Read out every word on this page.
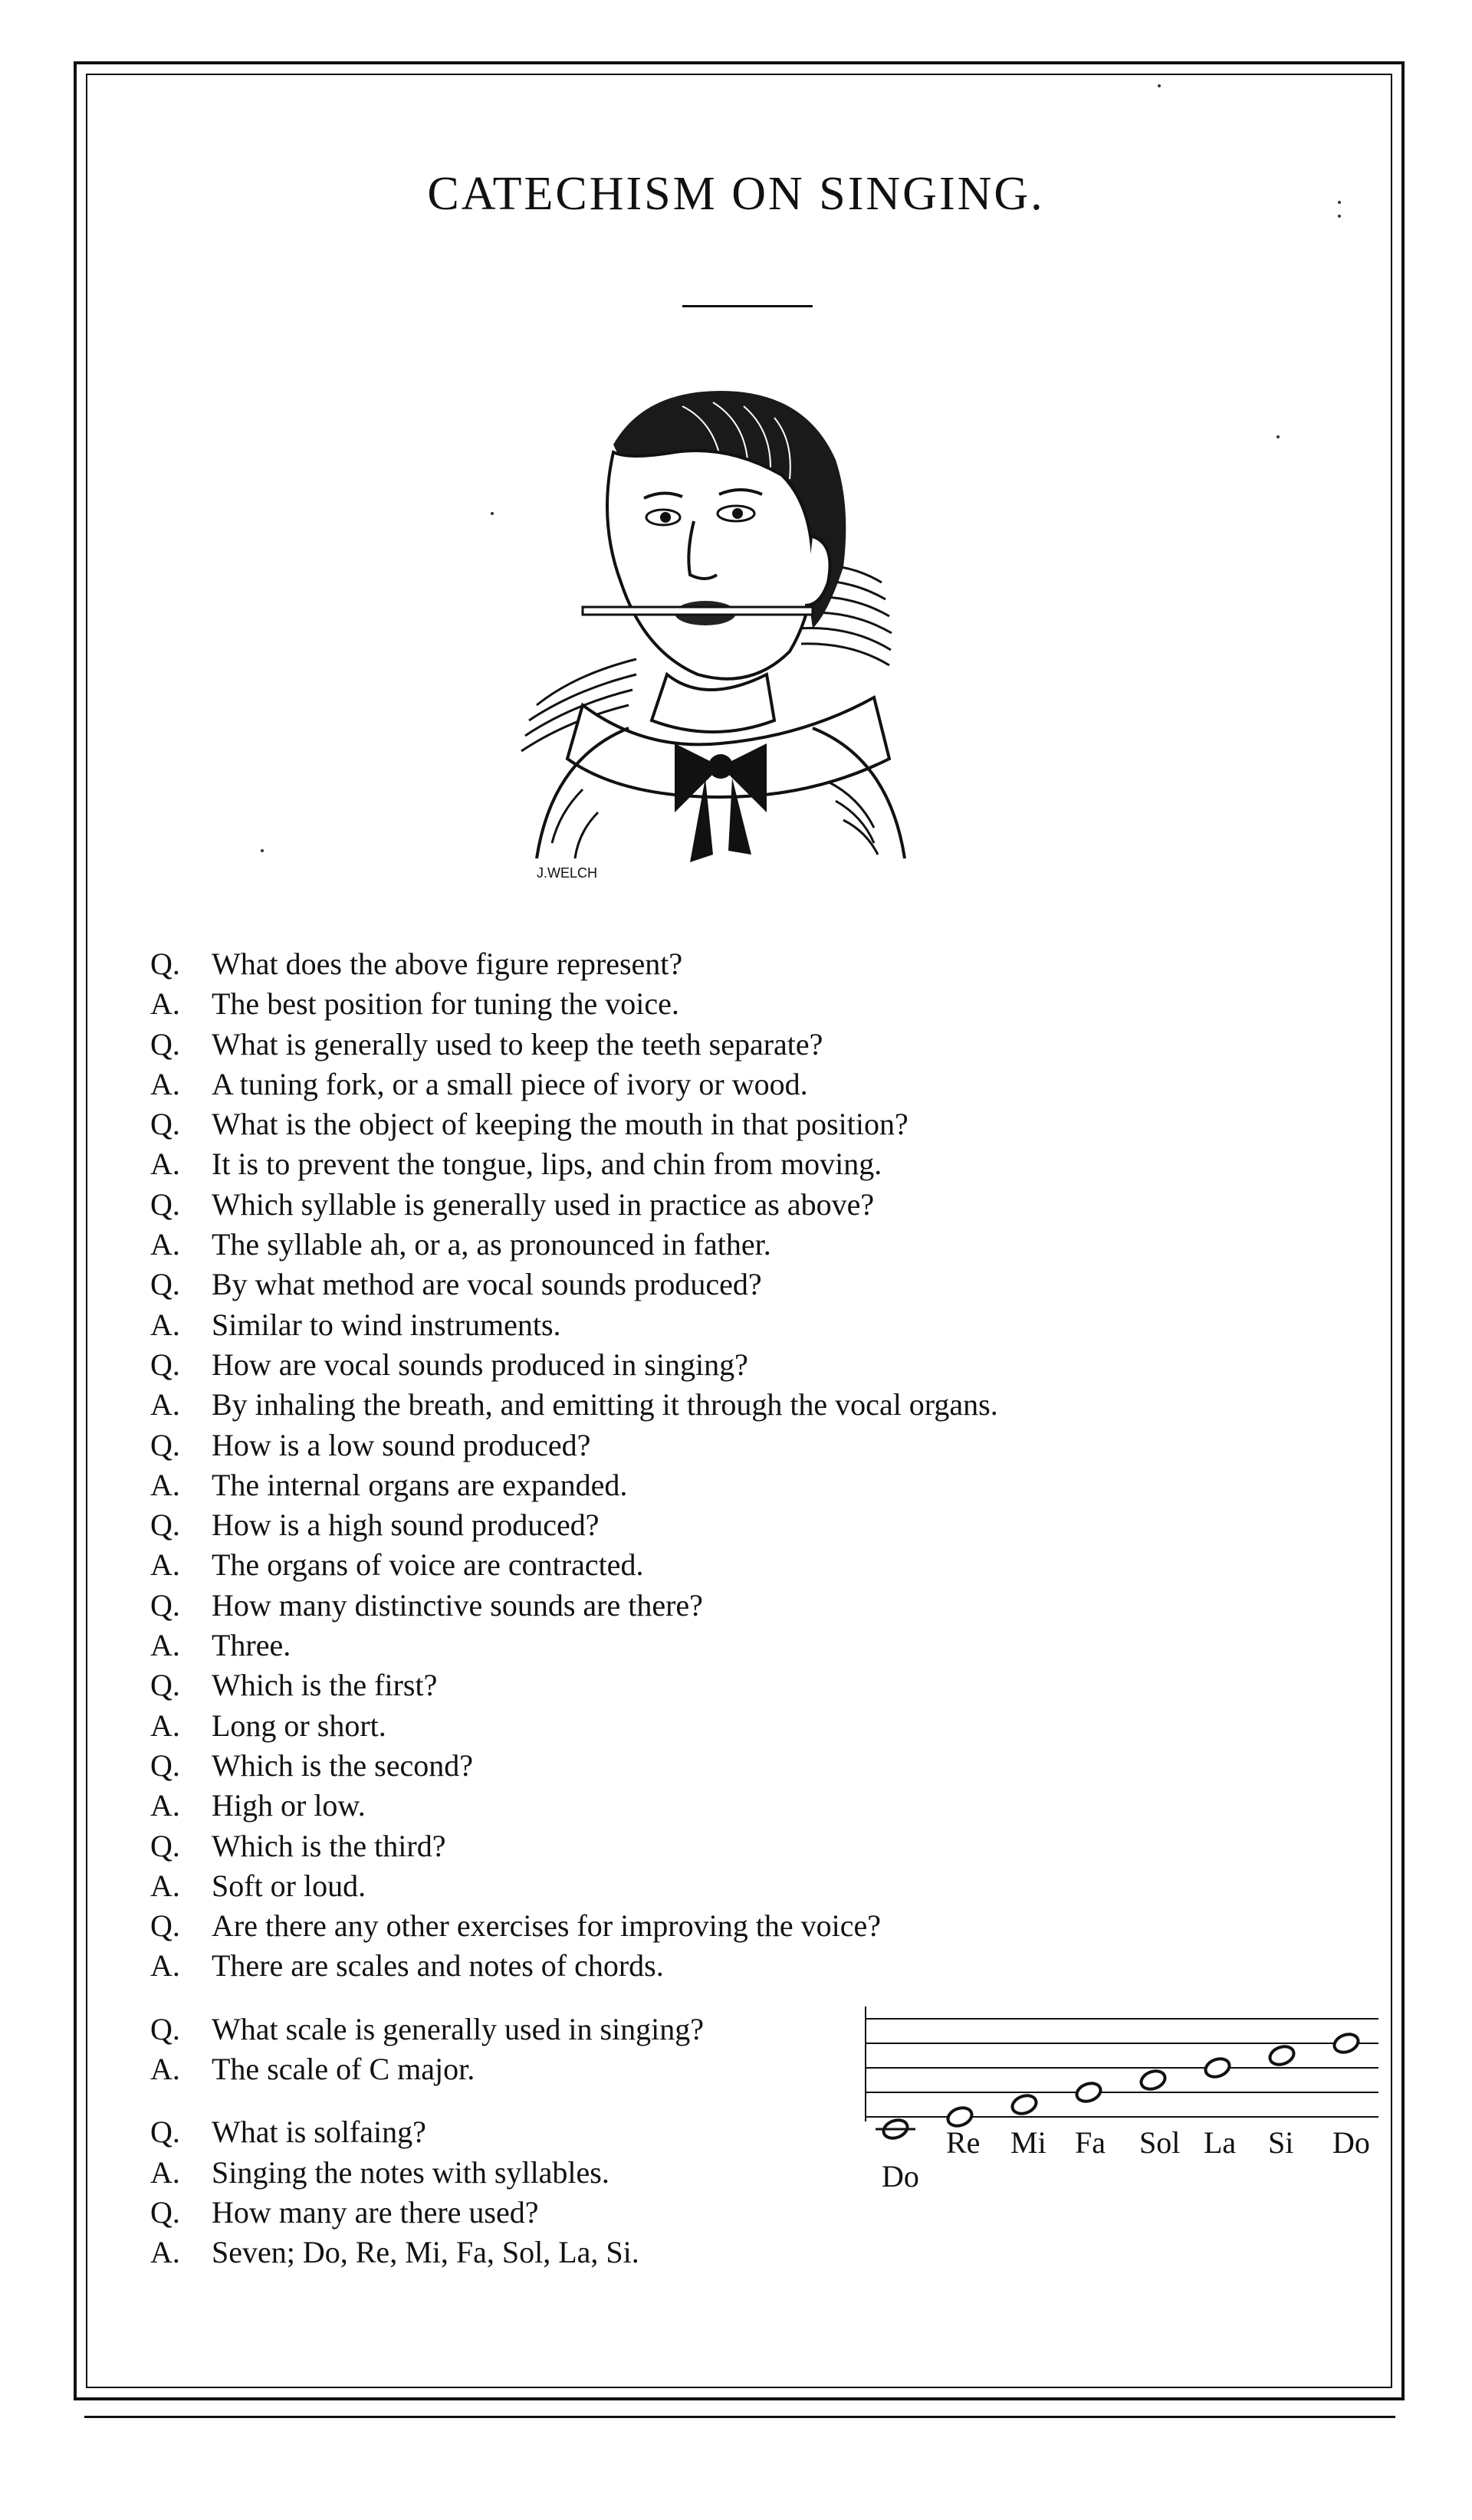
CATECHISM ON SINGING.
J.WELCH
Q. What does the above figure represent?
A. The best position for tuning the voice.
Q. What is generally used to keep the teeth separate?
A. A tuning fork, or a small piece of ivory or wood.
Q. What is the object of keeping the mouth in that position?
A. It is to prevent the tongue, lips, and chin from moving.
Q. Which syllable is generally used in practice as above?
A. The syllable ah, or a, as pronounced in father.
Q. By what method are vocal sounds produced?
A. Similar to wind instruments.
Q. How are vocal sounds produced in singing?
A. By inhaling the breath, and emitting it through the vocal organs.
Q. How is a low sound produced?
A. The internal organs are expanded.
Q. How is a high sound produced?
A. The organs of voice are contracted.
Q. How many distinctive sounds are there?
A. Three.
Q. Which is the first?
A. Long or short.
Q. Which is the second?
A. High or low.
Q. Which is the third?
A. Soft or loud.
Q. Are there any other exercises for improving the voice?
A. There are scales and notes of chords.
Q. What scale is generally used in singing?
A. The scale of C major.
Q. What is solfaing?
A. Singing the notes with syllables.
Q. How many are there used?
A. Seven; Do, Re, Mi, Fa, Sol, La, Si.
Do
Re Mi Fa Sol La Si Do
